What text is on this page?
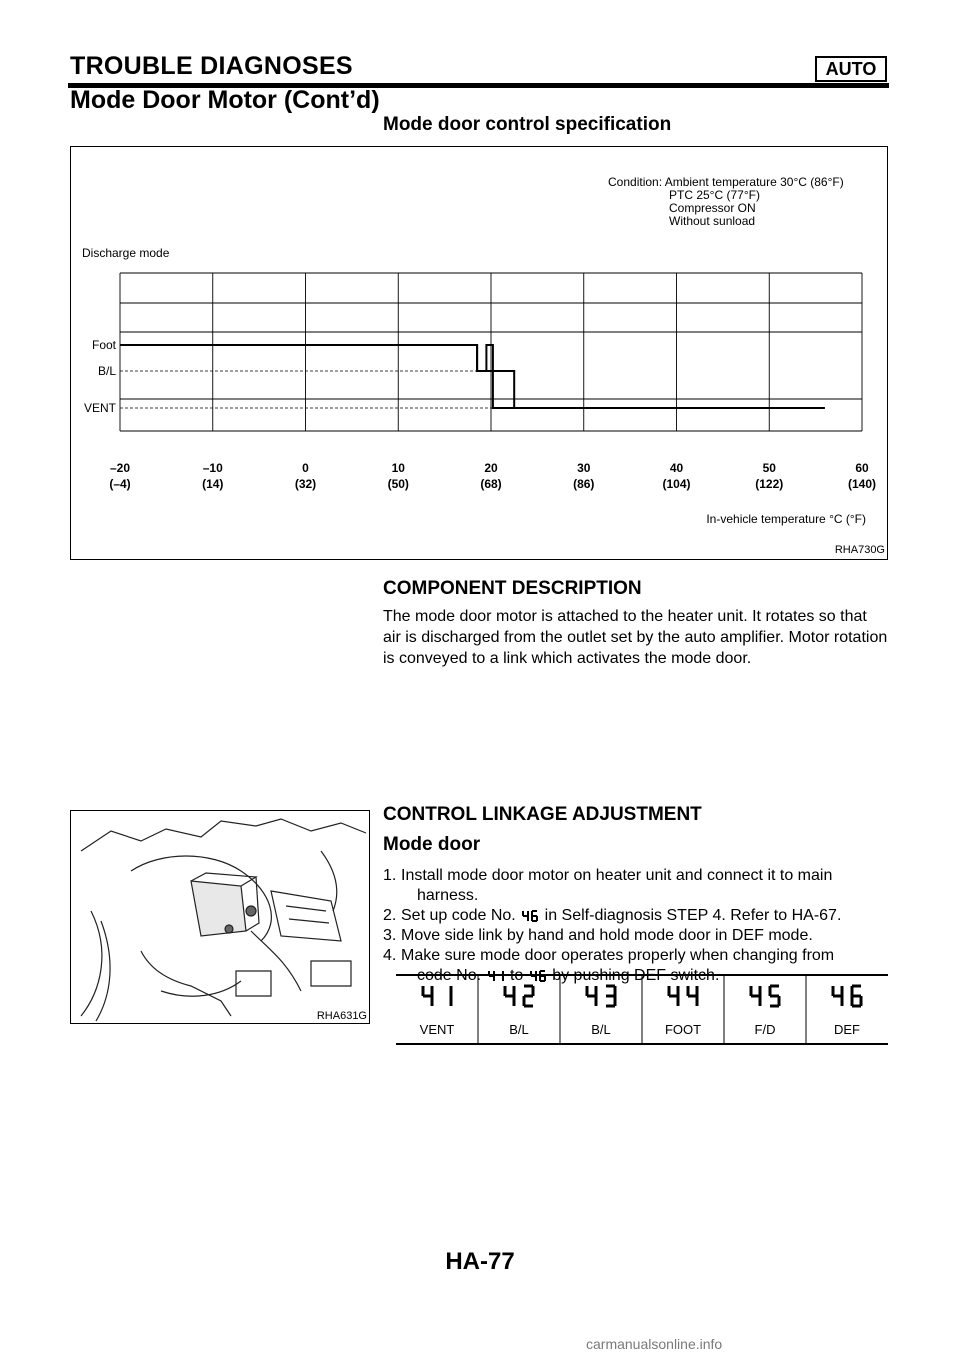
TROUBLE DIAGNOSES	AUTO
Mode Door Motor (Cont’d)
Mode door control specification
Condition: Ambient temperature 30°C (86°F)
PTC 25°C (77°F)
Compressor ON
Without sunload
Discharge mode
Foot
B/L
VENT
–20
(–4)
–10
(14)
0
(32)
10
(50)
20
(68)
30
(86)
40
(104)
50
(122)
60
(140)
In-vehicle temperature °C (°F)
RHA730G
COMPONENT DESCRIPTION
The mode door motor is attached to the heater unit. It rotates so that air is discharged from the outlet set by the auto amplifier. Motor rotation is conveyed to a link which activates the mode door.
RHA631G
CONTROL LINKAGE ADJUSTMENT
Mode door
1. Install mode door motor on heater unit and connect it to main
harness.
2. Set up code No. in Self-diagnosis STEP 4. Refer to HA-67.
3. Move side link by hand and hold mode door in DEF mode.
4. Make sure mode door operates properly when changing from
code No. to by pushing DEF switch.
VENT	B/L	B/L	FOOT	F/D	DEF
HA-77
carmanualsonline.info
